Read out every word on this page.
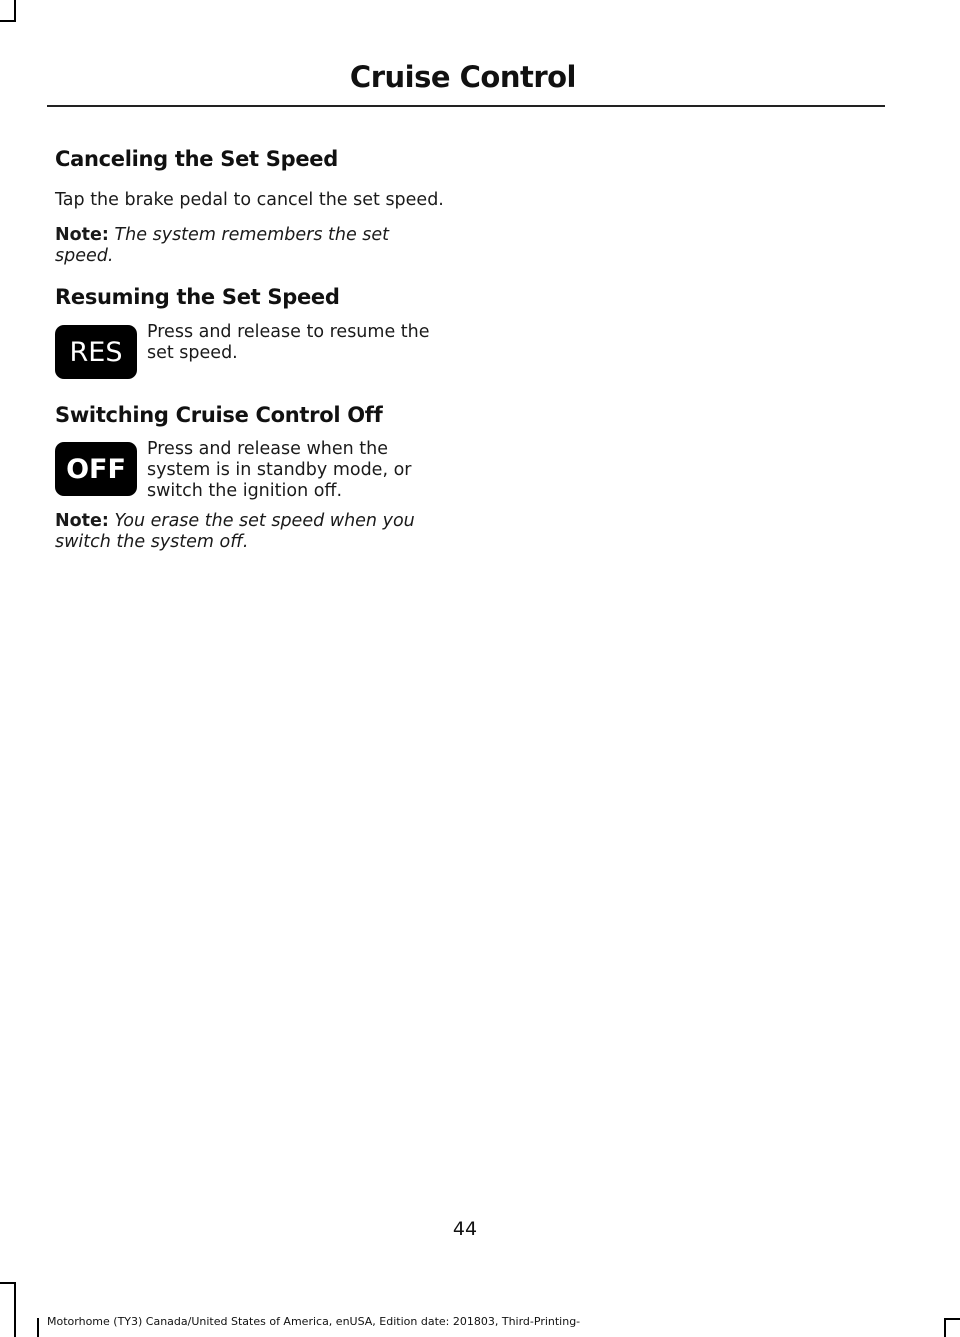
Cruise Control
Canceling the Set Speed

Tap the brake pedal to cancel the set speed.

Note: The system remembers the set speed.

Resuming the Set Speed
RES

Press and release to resume the set speed.

Switching Cruise Control Off
OFF

Press and release when the system is in standby mode, or switch the ignition off.

Note: You erase the set speed when you switch the system off.

44
Motorhome (TY3) Canada/United States of America, enUSA, Edition date: 201803, Third-Printing-
